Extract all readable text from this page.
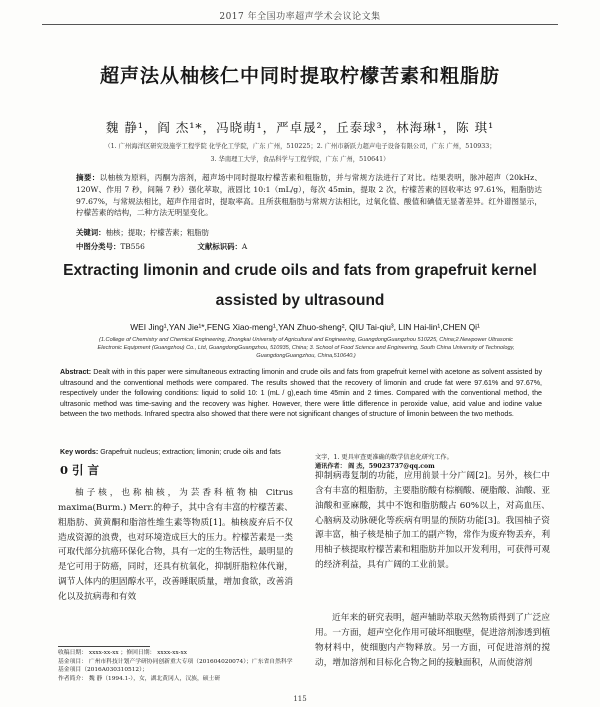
2017 年全国功率超声学术会议论文集
超声法从柚核仁中同时提取柠檬苦素和粗脂肪
魏 静¹，阎 杰¹*，冯晓萌¹，严卓晟²，丘泰球³，林海琳¹，陈 琪¹
（1. 广州海洋区研究设施学工程学院 化学化工学院，广东 广州，510225；2. 广州市新跃力超声电子设备有限公司，广东 广州，510933；
3. 华南理工大学，食品科学与工程学院，广东 广州，510641）
摘要：以柚核为原料，丙酮为溶剂，超声场中同时提取柠檬苦素和粗脂肪，并与常规方法进行了对比。结果表明，脉冲超声（20kHz、120W、作用 7 秒，间隔 7 秒）强化萃取，液固比 10:1（mL/g），每次 45min，提取 2 次，柠檬苦素的回收率达 97.61%，粗脂肪达 97.67%，与常规法相比，超声作用省时，提取率高。且所获粗脂肪与常规方法相比，过氧化值、酸值和碘值无显著差异。红外谱图显示，柠檬苦素的结构，二种方法无明显变化。
关键词：柚核；提取；柠檬苦素；粗脂肪
中图分类号：TB556	文献标识码：A
Extracting limonin and crude oils and fats from grapefruit kernel
assisted by ultrasound
WEI Jing¹,YAN Jie¹*,FENG Xiao-meng¹,YAN Zhuo-sheng², QIU Tai-qiu³, LIN Hai-lin¹,CHEN Qi¹
(1.College of Chemistry and Chemical Engineering, Zhongkai University of Agricultural and Engineering, GuangdongGuangzhou 510225, China;2.Newpower Ultrasonic Electronic Equipment (Guangzhou) Co., Ltd, GuangdongGuangzhou, 510935, China; 3. School of Food Science and Engineering, South China University of Technology, GuangdongGuangzhou, China,510640.)
Abstract: Dealt with in this paper were simultaneous extracting limonin and crude oils and fats from grapefruit kernel with acetone as solvent assisted by ultrasound and the conventional methods were compared. The results showed that the recovery of limonin and crude fat were 97.61% and 97.67%, respectively under the following conditions: liquid to solid 10: 1 (mL / g),each time 45min and 2 times. Compared with the conventional method, the ultrasonic method was time-saving and the recovery was higher. However, there were little difference in peroxide value, acid value and iodine value between the two methods. Infrared spectra also showed that there were not significant changes of structure of limonin between the two methods.
Key words: Grapefruit nucleus; extraction; limonin; crude oils and fats
0 引 言
柚子核，也称柚核，为芸香科植物柚 Citrus maxima(Burm.) Merr.的种子，其中含有丰富的柠檬苦素、粗脂肪、黄黄酮和脂溶性维生素等物质[1]。柚核废弃后不仅造成资源的浪费，也对环境造成巨大的压力。柠檬苦素是一类可取代部分抗癌环保化合物，具有一定的生物活性，最明显的是它可用于防癌，同时，还具有杭氧化，抑制肝脂粒体代谢，调节人体内的胆固醇水平，改善睡眠质量，增加食欲，改善消化以及抗病毒和有效
文字，1. 更具审查更准确的数学信息化研究工作。
通讯作者： 阎 杰，59023737@qq.com
抑制病毒复制的功能，应用前景十分广阔[2]。另外，核仁中含有丰富的粗脂肪，主要脂肪酸有棕榈酸、硬脂酸、油酸、亚油酸和亚麻酸，其中不饱和脂肪酸占 60%以上，对高血压、心脑病及动脉硬化等疾病有明显的预防功能[3]。我国柚子资源丰富，柚子核是柚子加工的副产物，常作为废弃物丢弃，利用柚子核提取柠檬苦素和粗脂肪并加以开发利用，可获得可观的经济利益，具有广阔的工业前景。
近年来的研究表明，超声辅助萃取天然物质得到了广泛应用。一方面，超声空化作用可破坏细胞壁，促进溶剂渗透到植物材料中，使细胞内产物释放。另一方面，可促进溶剂的搅动，增加溶剂和目标化合物之间的接触面积，从而使溶剂
收稿日期： xxxx-xx-xx ；修回日期： xxxx-xx-xx
基金项目： 广州市科技计划产学研协同创新重大专项（201604020074）；广东省自然科学基金项目（2016A030310512）；
作者简介： 魏 静（1994.1-），女，湖北黄冈人，汉族，硕士研
115
